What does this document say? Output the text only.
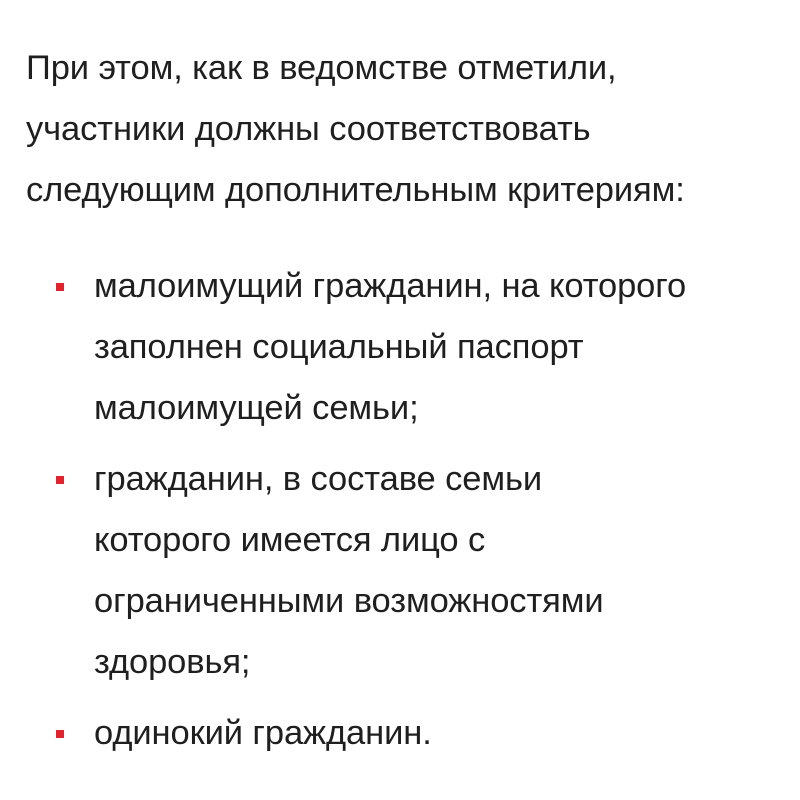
При этом, как в ведомстве отметили,
участники должны соответствовать
следующим дополнительным критериям:

малоимущий гражданин, на которого
заполнен социальный паспорт
малоимущей семьи;
гражданин, в составе семьи
которого имеется лицо с
ограниченными возможностями
здоровья;
одинокий гражданин.
